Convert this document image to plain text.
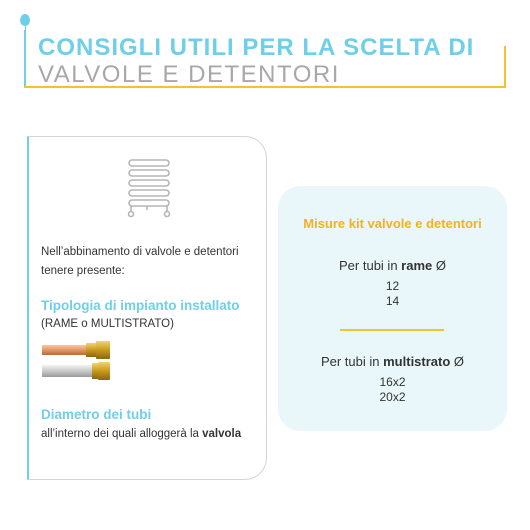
CONSIGLI UTILI PER LA SCELTA DI
VALVOLE E DETENTORI
Nell’abbinamento di valvole e detentori
tenere presente:
Tipologia di impianto installato
(RAME o MULTISTRATO)
Diametro dei tubi
all’interno dei quali alloggerà la valvola
Misure kit valvole e detentori
Per tubi in rame Ø
12
14
Per tubi in multistrato Ø
16x2
20x2
